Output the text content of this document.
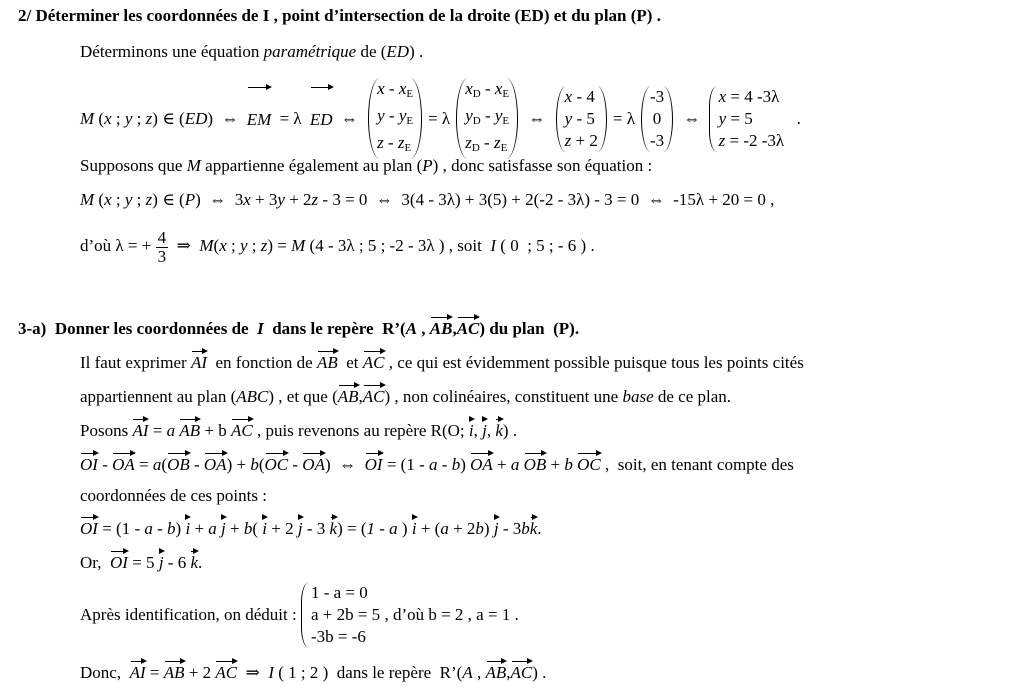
2/ Déterminer les coordonnées de I , point d’intersection de la droite (ED) et du plan (P) .
Déterminons une équation paramétrique de (ED) .
M (x ; y ; z) ∈ (ED)  ⇔ EM = λ ED ⇔
x - $x_E$
y - $y_E$
z - $z_E$
= λ
$x_D - x_E$
$y_D - y_E$
$z_D - z_E$
⇔
x - 4
y - 5
z + 2
= λ
-3
0
-3
⇔
x = 4 -3λ
y = 5
z = -2 -3λ
.
Supposons que M appartienne également au plan (P) , donc satisfasse son équation :
M (x ; y ; z) ∈ (P)  ⇔  3x + 3y + 2z - 3 = 0  ⇔  3(4 - 3λ) + 3(5) + 2(-2 - 3λ) - 3 = 0  ⇔  -15λ + 20 = 0 ,
d’où λ = + $\frac{4}{3}$ ⇒  M(x ; y ; z) = M (4 - 3λ ; 5 ; -2 - 3λ ) , soit  I ( 0  ; 5 ; - 6 ) .
3-a)  Donner les coordonnées de  I  dans le repère  R’(A , AB,AC) du plan  (P).
Il faut exprimer AI  en fonction de AB  et AC , ce qui est évidemment possible puisque tous les points cités
appartiennent au plan (ABC) , et que (AB,AC) , non colinéaires, constituent une base de ce plan.
Posons AI = a AB + b AC , puis revenons au repère R(O; i, j, k) .
OI - OA = a(OB - OA) + b(OC - OA)  ⇔  OI = (1 - a - b) OA + a OB + b OC ,  soit, en tenant compte des
coordonnées de ces points :
OI = (1 - a - b) i + a j + b( i + 2 j - 3 k) = (1 - a ) i + (a + 2b) j - 3bk.
Or, OI = 5 j - 6 k.
Après identification, on déduit :

1 - a = 0
a + 2b = 5
-3b = -6

, d’où b = 2 , a = 1 .
Donc, AI = AB + 2 AC  ⇒  I ( 1 ; 2 )  dans le repère  R’(A , AB,AC) .
